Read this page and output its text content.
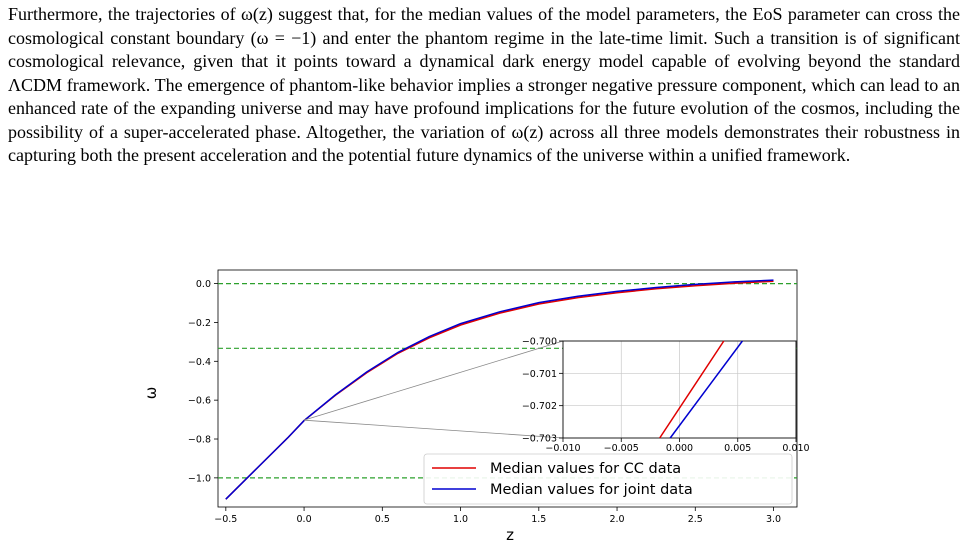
Furthermore, the trajectories of ω(z) suggest that, for the median values of the model parameters, the EoS parameter can cross the cosmological constant boundary (ω = −1) and enter the phantom regime in the late-time limit. Such a transition is of significant cosmological relevance, given that it points toward a dynamical dark energy model capable of evolving beyond the standard ΛCDM framework. The emergence of phantom-like behavior implies a stronger negative pressure component, which can lead to an enhanced rate of the expanding universe and may have profound implications for the future evolution of the cosmos, including the possibility of a super-accelerated phase. Altogether, the variation of ω(z) across all three models demonstrates their robustness in capturing both the present acceleration and the potential future dynamics of the universe within a unified framework.

−0.5	0.0	0.5	1.0	1.5	2.0	2.5	3.0
0.0
−0.2
−0.4
−0.6
−0.8
−1.0
−0.010 −0.005	0.000	0.005	0.010
−0.700
−0.701
−0.702
−0.703
Median values for CC data
Median values for joint data
z
ω
